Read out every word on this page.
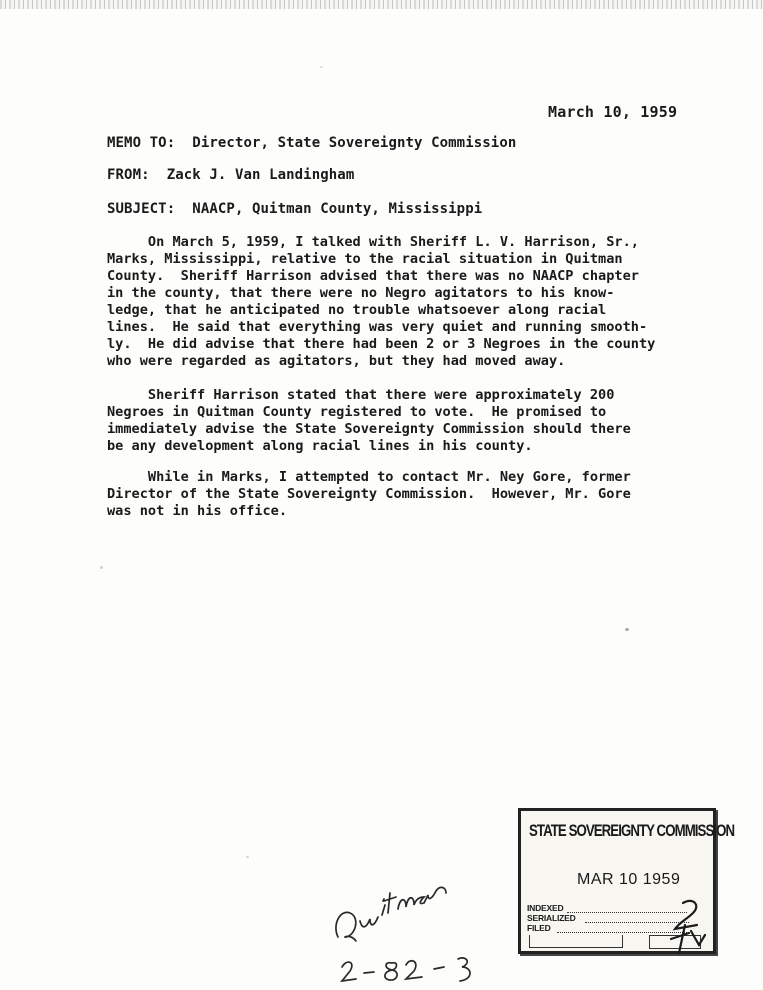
March 10, 1959
MEMO TO: Director, State Sovereignty Commission
FROM: Zack J. Van Landingham
SUBJECT: NAACP, Quitman County, Mississippi
On March 5, 1959, I talked with Sheriff L. V. Harrison, Sr.,
Marks, Mississippi, relative to the racial situation in Quitman
County.  Sheriff Harrison advised that there was no NAACP chapter
in the county, that there were no Negro agitators to his know-
ledge, that he anticipated no trouble whatsoever along racial
lines.  He said that everything was very quiet and running smooth-
ly.  He did advise that there had been 2 or 3 Negroes in the county
who were regarded as agitators, but they had moved away.
Sheriff Harrison stated that there were approximately 200
Negroes in Quitman County registered to vote.  He promised to
immediately advise the State Sovereignty Commission should there
be any development along racial lines in his county.
While in Marks, I attempted to contact Mr. Ney Gore, former
Director of the State Sovereignty Commission.  However, Mr. Gore
was not in his office.
STATE SOVEREIGNTY COMMISSION
MAR 10 1959
INDEXED
SERIALIZED
FILED
